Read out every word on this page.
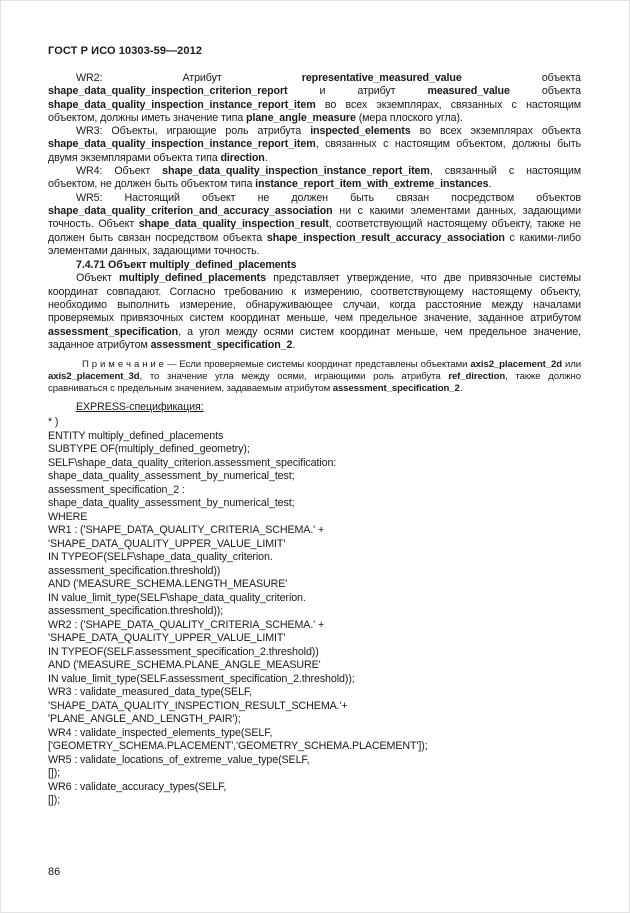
ГОСТ Р ИСО 10303-59—2012

WR2: Атрибут representative_measured_value объекта shape_data_quality_inspection_criterion_report и атрибут measured_value объекта shape_data_quality_inspection_instance_report_item во всех экземплярах, связанных с настоящим объектом, должны иметь значение типа plane_angle_measure (мера плоского угла).

WR3: Объекты, играющие роль атрибута inspected_elements во всех экземплярах объекта shape_data_quality_inspection_instance_report_item, связанных с настоящим объектом, должны быть двумя экземплярами объекта типа direction.

WR4: Объект shape_data_quality_inspection_instance_report_item, связанный с настоящим объектом, не должен быть объектом типа instance_report_item_with_extreme_instances.

WR5: Настоящий объект не должен быть связан посредством объектов shape_data_quality_criterion_and_accuracy_association ни с какими элементами данных, задающими точность. Объект shape_data_quality_inspection_result, соответствующий настоящему объекту, также не должен быть связан посредством объекта shape_inspection_result_accuracy_association с какими-либо элементами данных, задающими точность.

7.4.71 Объект multiply_defined_placements

Объект multiply_defined_placements представляет утверждение, что две привязочные системы координат совпадают. Согласно требованию к измерению, соответствующему настоящему объекту, необходимо выполнить измерение, обнаруживающее случаи, когда расстояние между началами проверяемых привязочных систем координат меньше, чем предельное значение, заданное атрибутом assessment_specification, а угол между осями систем координат меньше, чем предельное значение, заданное атрибутом assessment_specification_2.

П р и м е ч а н и е — Если проверяемые системы координат представлены объектами axis2_placement_2d или axis2_placement_3d, то значение угла между осями, играющими роль атрибута ref_direction, также должно сравниваться с предельным значением, задаваемым атрибутом assessment_specification_2.

EXPRESS-спецификация:

* )
ENTITY multiply_defined_placements
SUBTYPE OF(multiply_defined_geometry);
SELF\shape_data_quality_criterion.assessment_specification:
shape_data_quality_assessment_by_numerical_test;
assessment_specification_2 :
shape_data_quality_assessment_by_numerical_test;
WHERE
WR1 : ('SHAPE_DATA_QUALITY_CRITERIA_SCHEMA.' +
'SHAPE_DATA_QUALITY_UPPER_VALUE_LIMIT'
IN TYPEOF(SELF\shape_data_quality_criterion.
assessment_specification.threshold))
AND ('MEASURE_SCHEMA.LENGTH_MEASURE'
IN value_limit_type(SELF\shape_data_quality_criterion.
assessment_specification.threshold));
WR2 : ('SHAPE_DATA_QUALITY_CRITERIA_SCHEMA.' +
'SHAPE_DATA_QUALITY_UPPER_VALUE_LIMIT'
IN TYPEOF(SELF.assessment_specification_2.threshold))
AND ('MEASURE_SCHEMA.PLANE_ANGLE_MEASURE'
IN value_limit_type(SELF.assessment_specification_2.threshold));
WR3 : validate_measured_data_type(SELF,
'SHAPE_DATA_QUALITY_INSPECTION_RESULT_SCHEMA.'+
'PLANE_ANGLE_AND_LENGTH_PAIR');
WR4 : validate_inspected_elements_type(SELF,
['GEOMETRY_SCHEMA.PLACEMENT','GEOMETRY_SCHEMA.PLACEMENT']);
WR5 : validate_locations_of_extreme_value_type(SELF,
[]);
WR6 : validate_accuracy_types(SELF,
[]);
86
